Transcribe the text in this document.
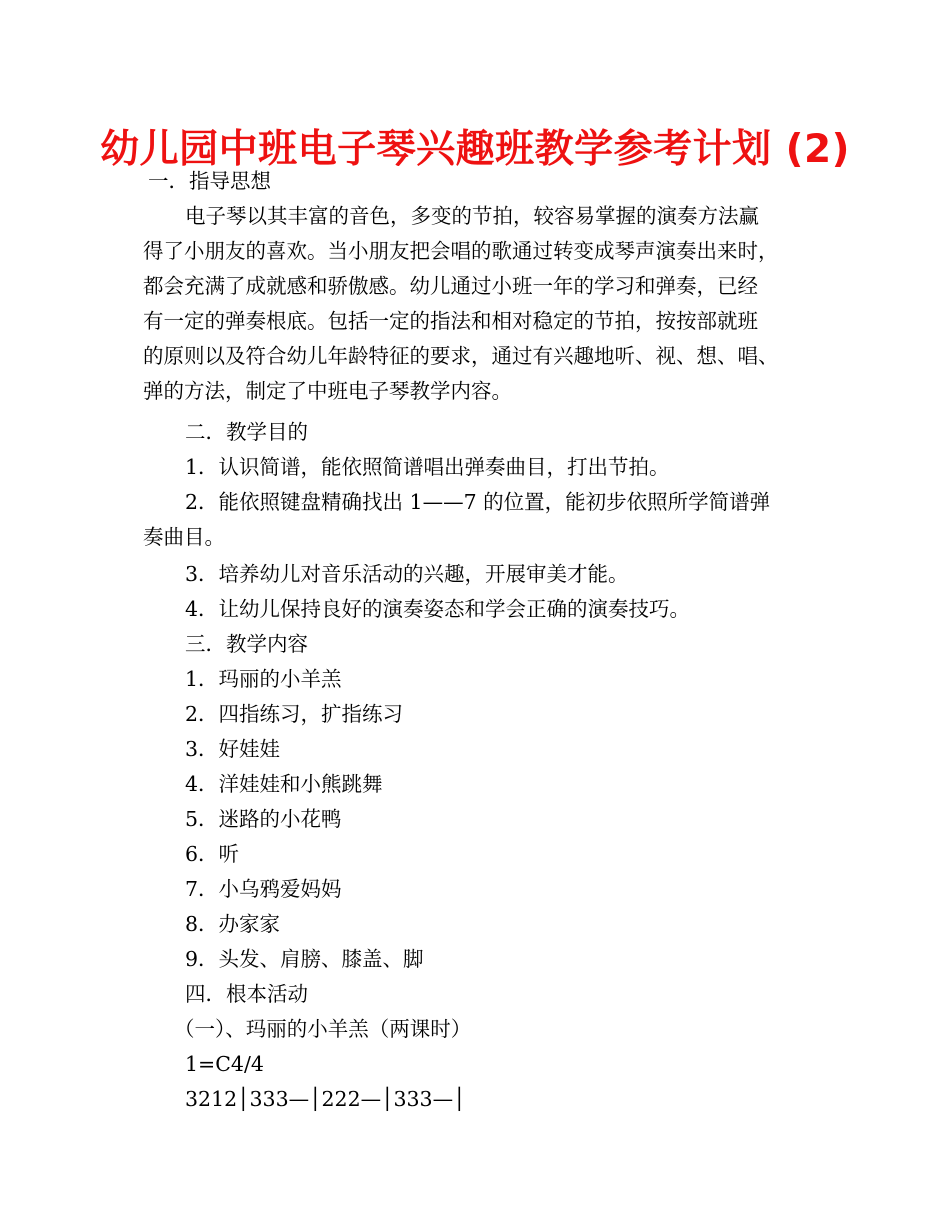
幼儿园中班电子琴兴趣班教学参考计划 (2)
一．指导思想
电子琴以其丰富的音色，多变的节拍，较容易掌握的演奏方法赢
得了小朋友的喜欢。当小朋友把会唱的歌通过转变成琴声演奏出来时，
都会充满了成就感和骄傲感。幼儿通过小班一年的学习和弹奏，已经
有一定的弹奏根底。包括一定的指法和相对稳定的节拍，按按部就班
的原则以及符合幼儿年龄特征的要求，通过有兴趣地听、视、想、唱、
弹的方法，制定了中班电子琴教学内容。
二．教学目的
1．认识简谱，能依照简谱唱出弹奏曲目，打出节拍。
2．能依照键盘精确找出 1——7 的位置，能初步依照所学简谱弹
奏曲目。
3．培养幼儿对音乐活动的兴趣，开展审美才能。
4．让幼儿保持良好的演奏姿态和学会正确的演奏技巧。
三．教学内容
1．玛丽的小羊羔
2．四指练习，扩指练习
3．好娃娃
4．洋娃娃和小熊跳舞
5．迷路的小花鸭
6．听
7．小乌鸦爱妈妈
8．办家家
9．头发、肩膀、膝盖、脚
四．根本活动
（一）、玛丽的小羊羔（两课时）
1=C4/4
3212│333—│222—│333—│
